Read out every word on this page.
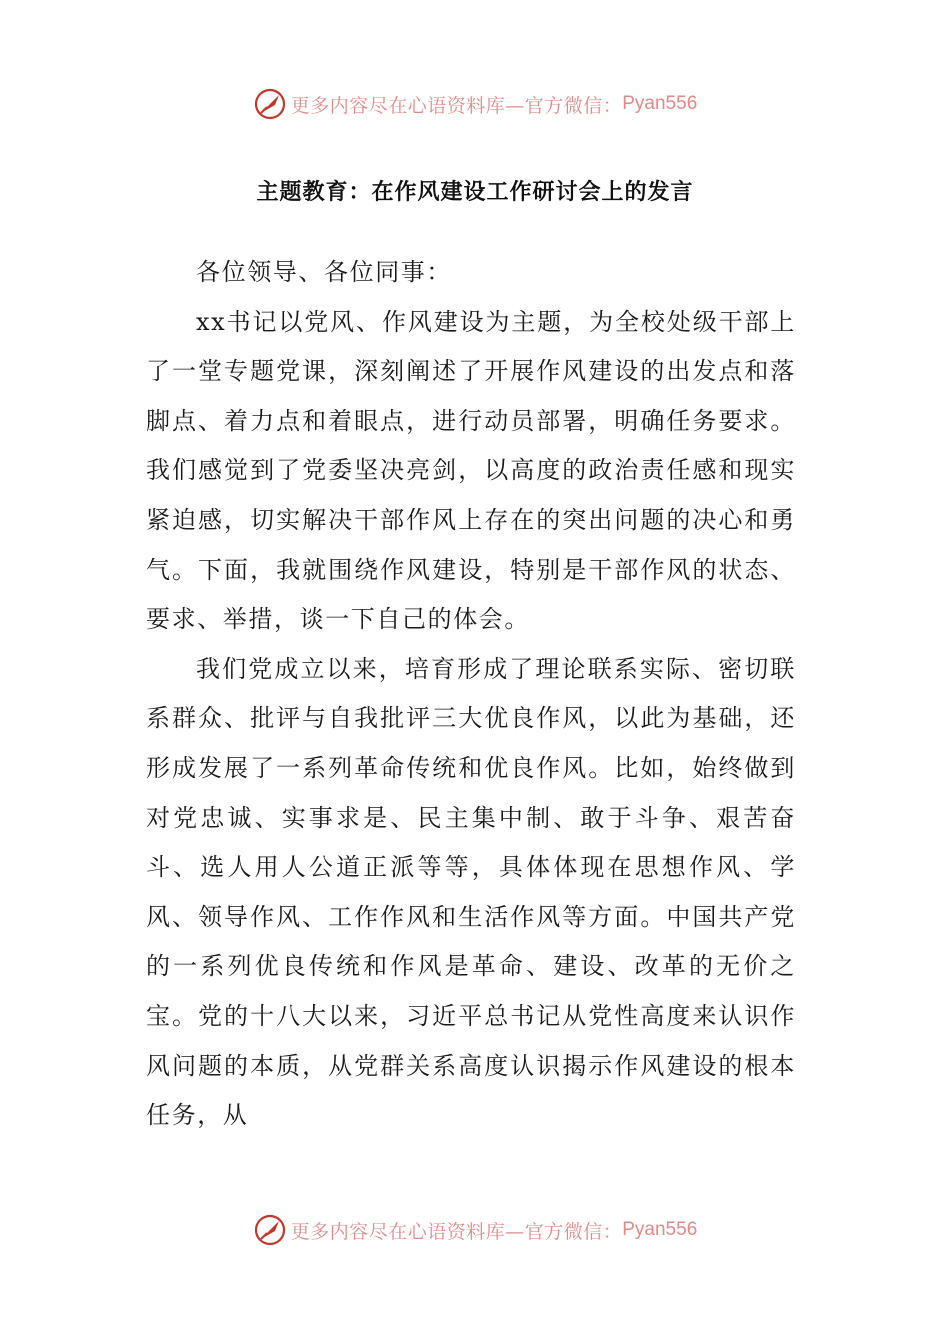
更多内容尽在心语资料库—官方微信： Pyan556
主题教育：在作风建设工作研讨会上的发言

各位领导、各位同事：

xx书记以党风、作风建设为主题，为全校处级干部上了一堂专题党课，深刻阐述了开展作风建设的出发点和落脚点、着力点和着眼点，进行动员部署，明确任务要求。我们感觉到了党委坚决亮剑，以高度的政治责任感和现实紧迫感，切实解决干部作风上存在的突出问题的决心和勇气。下面，我就围绕作风建设，特别是干部作风的状态、要求、举措，谈一下自己的体会。

我们党成立以来，培育形成了理论联系实际、密切联系群众、批评与自我批评三大优良作风，以此为基础，还形成发展了一系列革命传统和优良作风。比如，始终做到对党忠诚、实事求是、民主集中制、敢于斗争、艰苦奋斗、选人用人公道正派等等，具体体现在思想作风、学风、领导作风、工作作风和生活作风等方面。中国共产党的一系列优良传统和作风是革命、建设、改革的无价之宝。党的十八大以来，习近平总书记从党性高度来认识作风问题的本质，从党群关系高度认识揭示作风建设的根本任务，从

更多内容尽在心语资料库—官方微信： Pyan556
